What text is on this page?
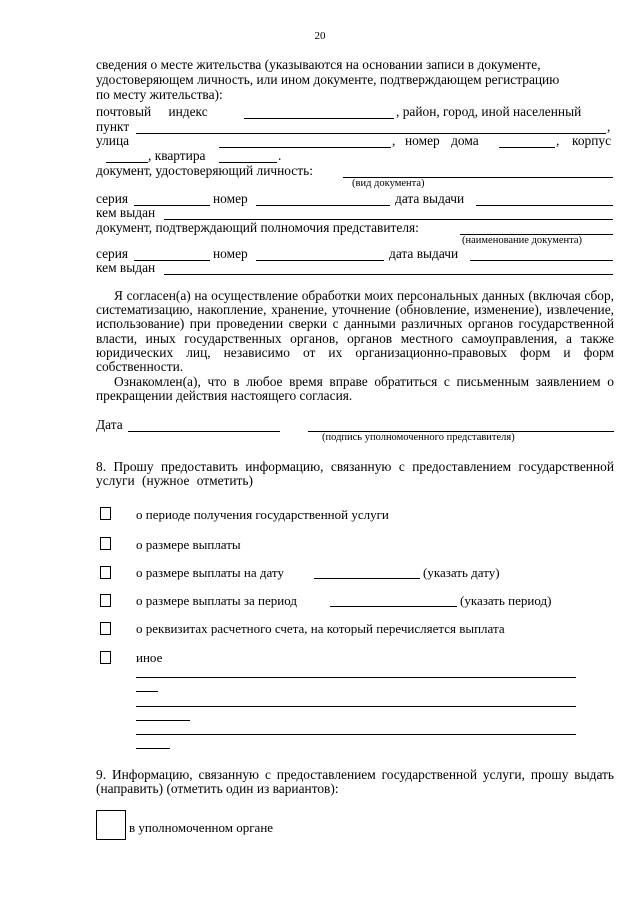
20
сведения о месте жительства (указываются на основании записи в документе,
удостоверяющем личность, или ином документе, подтверждающем регистрацию
по месту жительства):
почтовый индекс	, район, город, иной населенный
пункт	,
улица	, номер дома	, корпус
, квартира	.
документ, удостоверяющий личность:
(вид документа)
серия	номер	дата выдачи
кем выдан
документ, подтверждающий полномочия представителя:
(наименование документа)
серия	номер	дата выдачи
кем выдан
Я согласен(а) на осуществление обработки моих персональных данных (включая сбор, систематизацию, накопление, хранение, уточнение (обновление, изменение), извлечение, использование) при проведении сверки с данными различных органов государственной власти, иных государственных органов, органов местного самоуправления, а также юридических лиц, независимо от их организационно-правовых форм и форм собственности.
Ознакомлен(а), что в любое время вправе обратиться с письменным заявлением о прекращении действия настоящего согласия.
Дата
(подпись уполномоченного представителя)
8. Прошу предоставить информацию, связанную с предоставлением государственной услуги (нужное отметить)
о периоде получения государственной услуги
о размере выплаты
о размере выплаты на дату	(указать дату)
о размере выплаты за период	(указать период)
о реквизитах расчетного счета, на который перечисляется выплата
иное
9. Информацию, связанную с предоставлением государственной услуги, прошу выдать (направить) (отметить один из вариантов):
в уполномоченном органе
